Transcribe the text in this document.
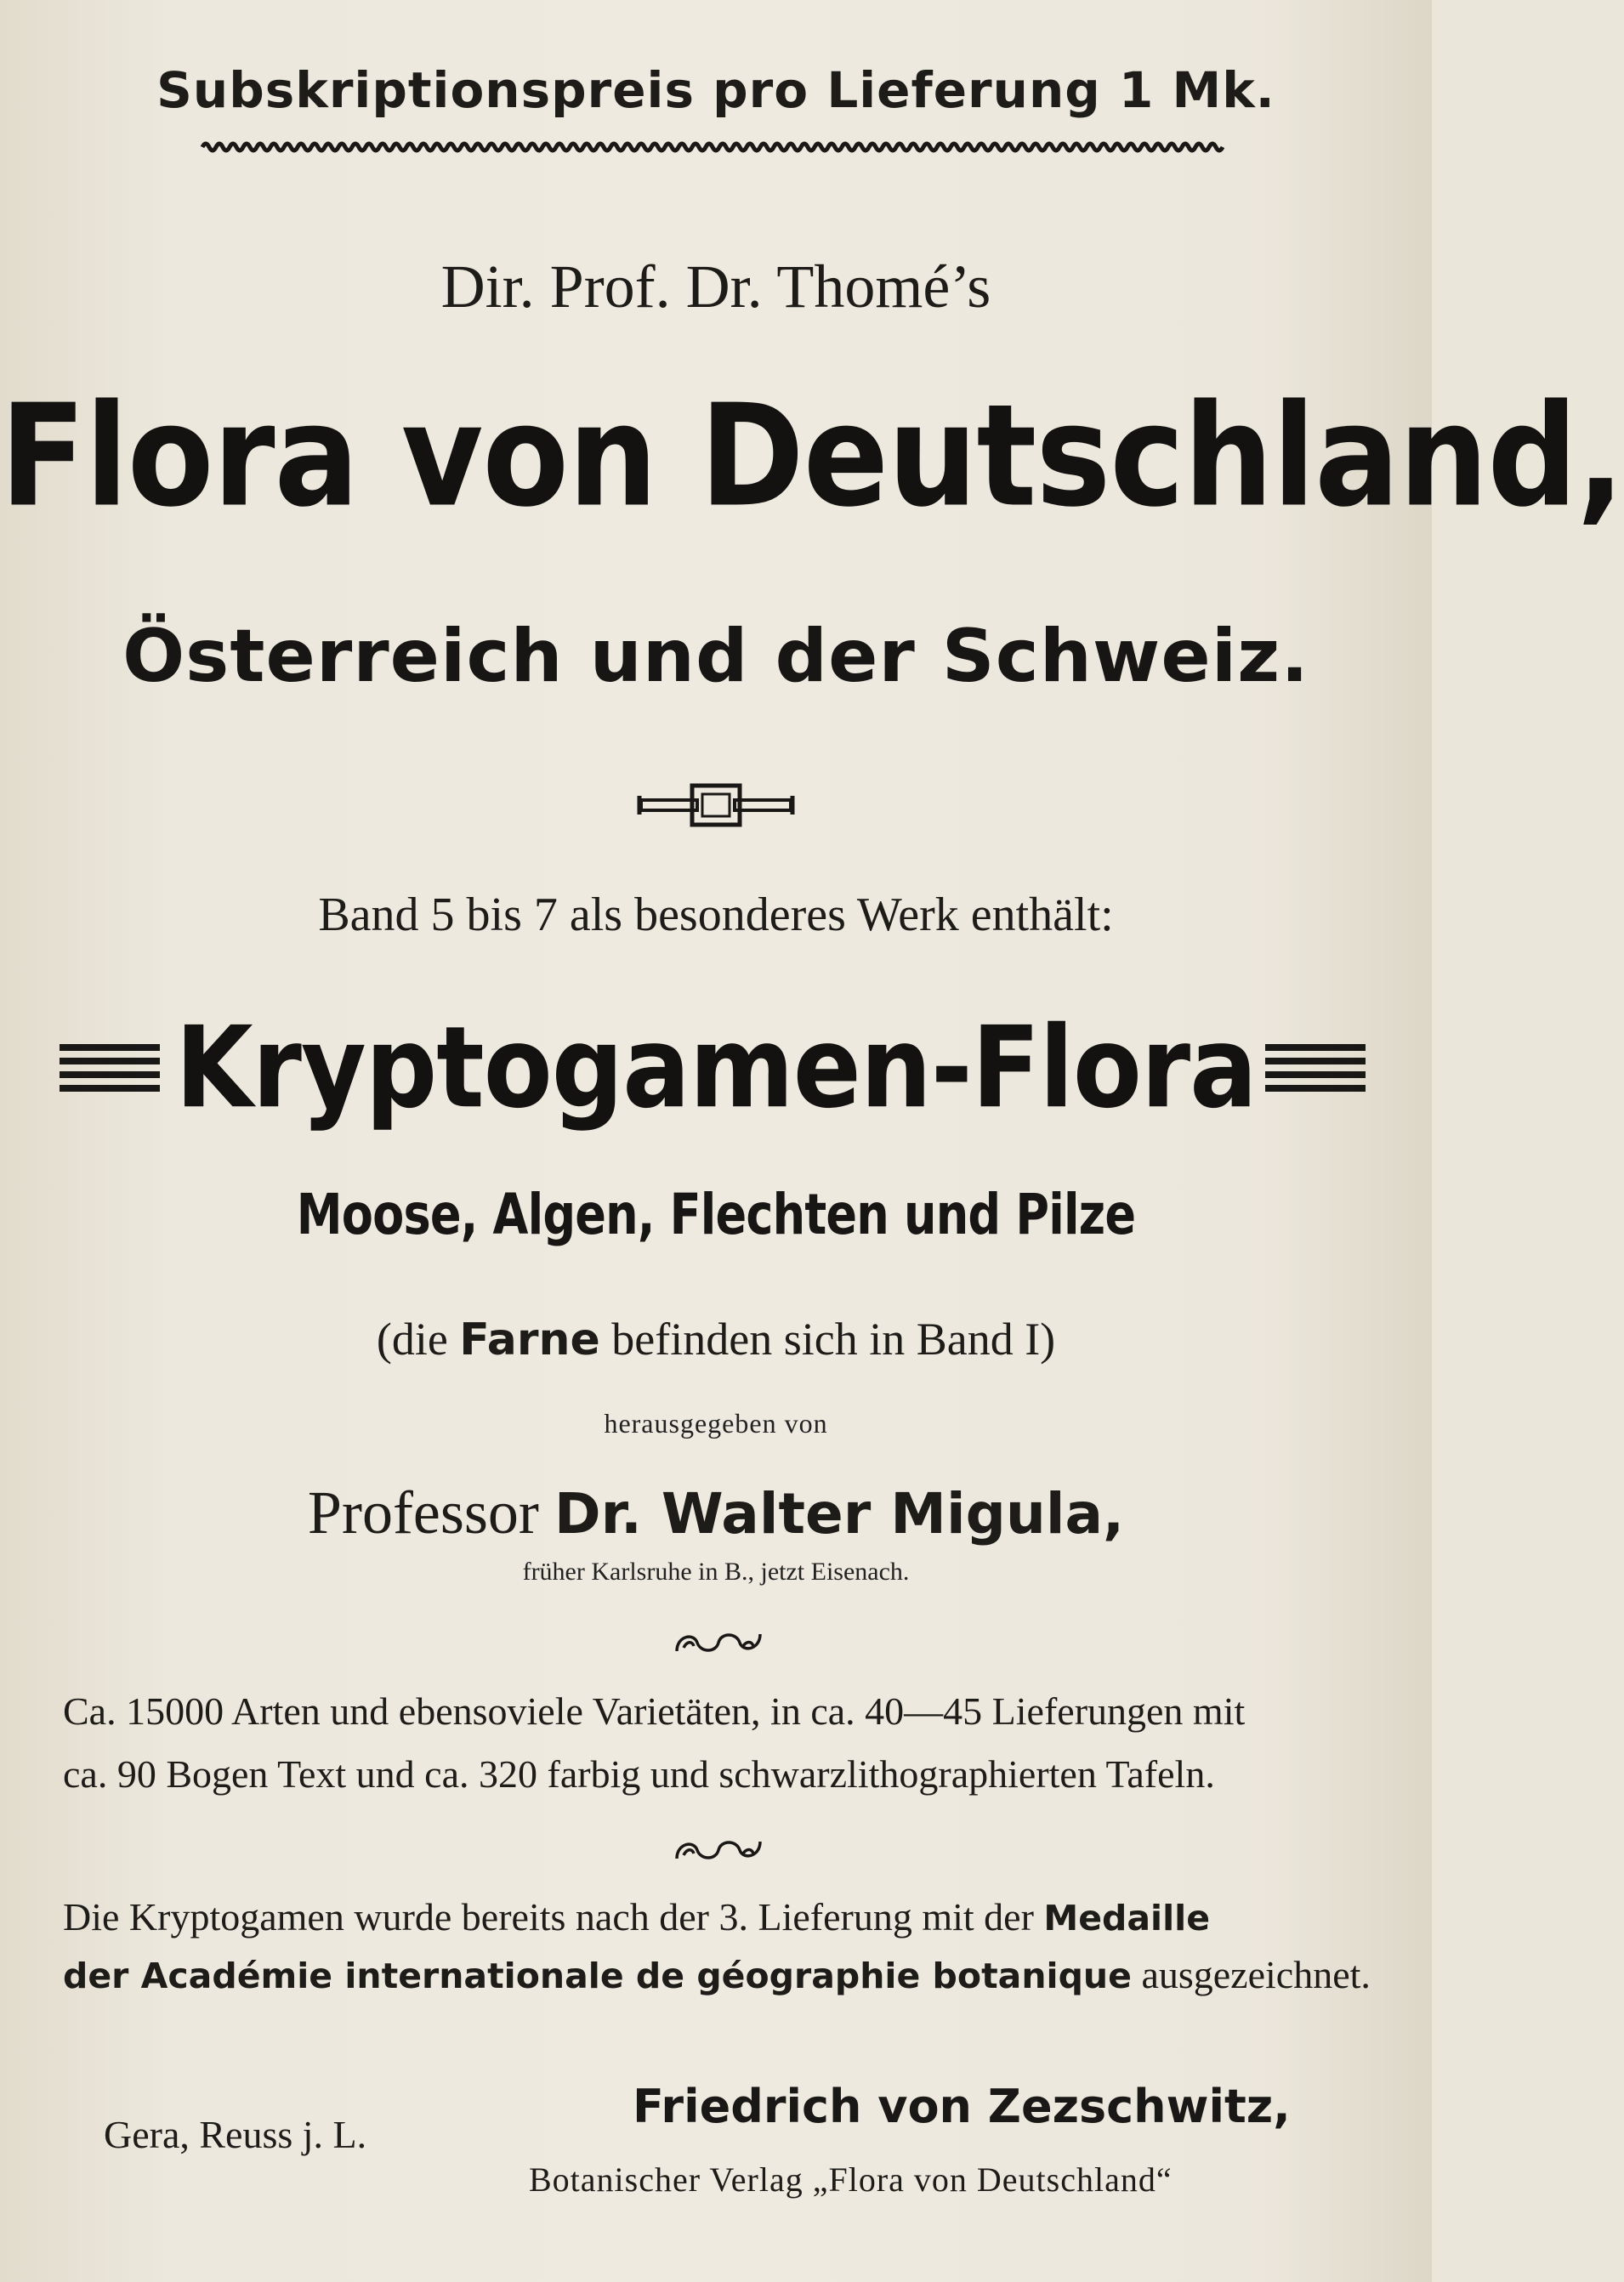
Subskriptionspreis pro Lieferung 1 Mk.
Dir. Prof. Dr. Thomé’s
Flora von Deutschland,
Österreich und der Schweiz.
Band 5 bis 7 als besonderes Werk enthält:
Kryptogamen-Flora
Moose, Algen, Flechten und Pilze
(die Farne befinden sich in Band I)
herausgegeben von
Professor Dr. Walter Migula,
früher Karlsruhe in B., jetzt Eisenach.
Ca. 15000 Arten und ebensoviele Varietäten, in ca. 40—45 Lieferungen mit
ca. 90 Bogen Text und ca. 320 farbig und schwarzlithographierten Tafeln.
Die Kryptogamen wurde bereits nach der 3. Lieferung mit der Medaille
der Académie internationale de géographie botanique ausgezeichnet.
Gera, Reuss j. L.
Friedrich von Zezschwitz,
Botanischer Verlag „Flora von Deutschland“
